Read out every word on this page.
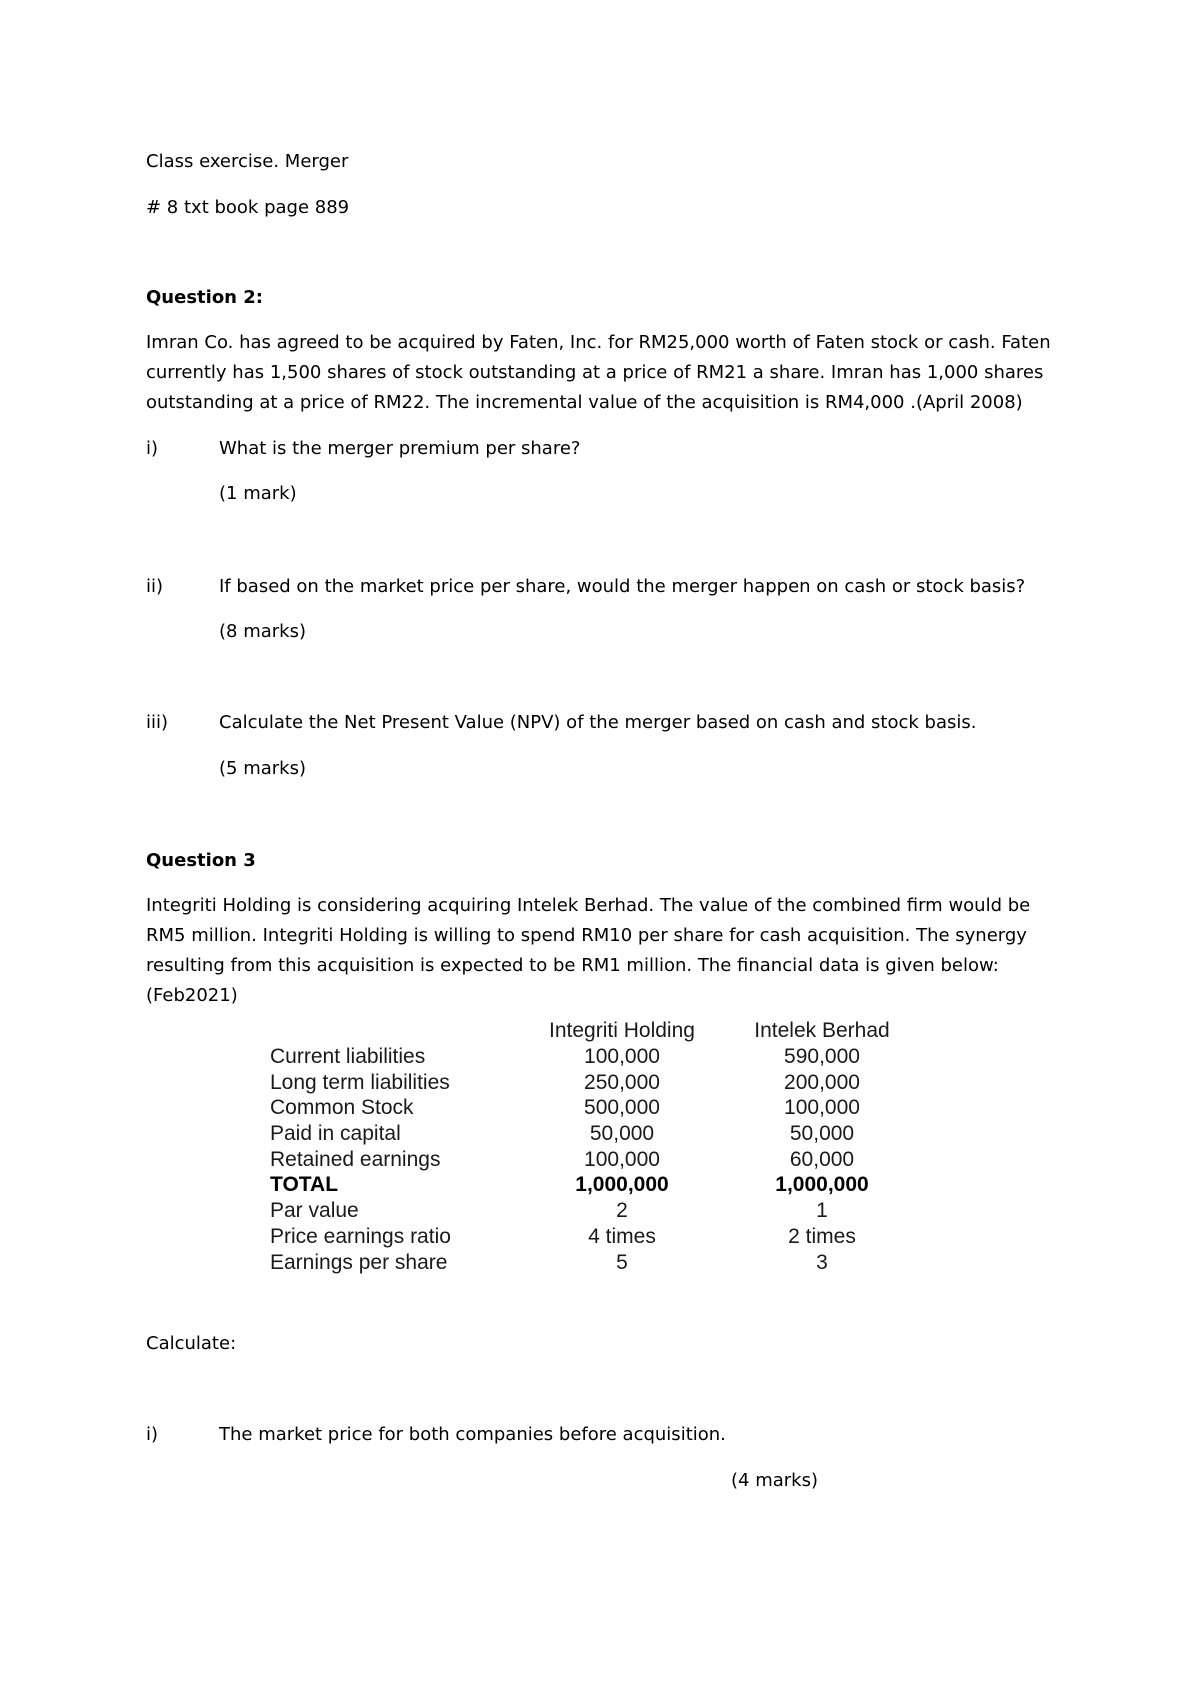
Class exercise. Merger
# 8 txt book page 889
Question 2:
Imran Co. has agreed to be acquired by Faten, Inc. for RM25,000 worth of Faten stock or cash. Faten currently has 1,500 shares of stock outstanding at a price of RM21 a share. Imran has 1,000 shares outstanding at a price of RM22. The incremental value of the acquisition is RM4,000 .(April 2008)
i)	What is the merger premium per share?
(1 mark)
ii)	If based on the market price per share, would the merger happen on cash or stock basis?
(8 marks)
iii)	Calculate the Net Present Value (NPV) of the merger based on cash and stock basis.
(5 marks)
Question 3
Integriti Holding is considering acquiring Intelek Berhad. The value of the combined firm would be RM5 million. Integriti Holding is willing to spend RM10 per share for cash acquisition. The synergy resulting from this acquisition is expected to be RM1 million. The financial data is given below: (Feb2021)
	Integriti Holding	Intelek Berhad
Current liabilities	100,000	590,000
Long term liabilities	250,000	200,000
Common Stock	500,000	100,000
Paid in capital	50,000	50,000
Retained earnings	100,000	60,000
TOTAL	1,000,000	1,000,000
Par value	2	1
Price earnings ratio	4 times	2 times
Earnings per share	5	3
Calculate:
i)	The market price for both companies before acquisition.
(4 marks)
